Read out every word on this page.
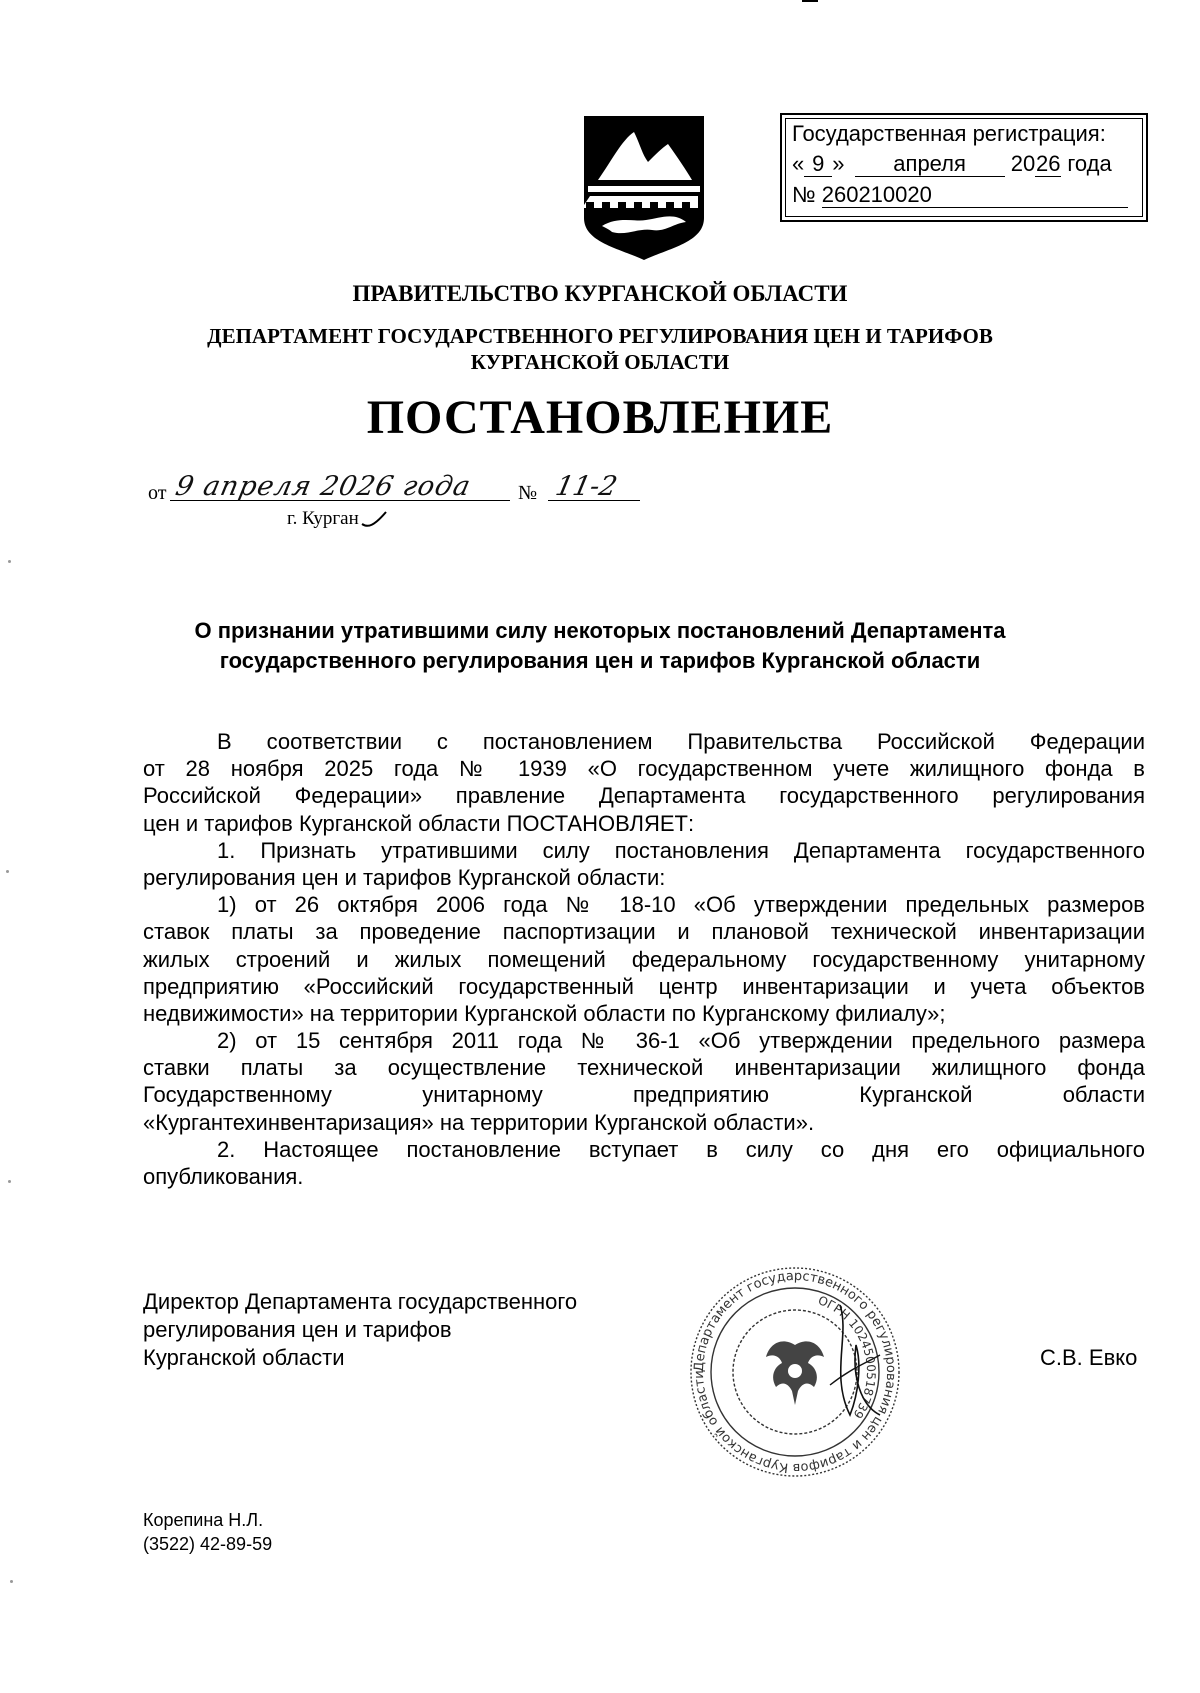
Государственная регистрация:
« 9 » апреля 2026 года
№ 260210020
ПРАВИТЕЛЬСТВО КУРГАНСКОЙ ОБЛАСТИ
ДЕПАРТАМЕНТ ГОСУДАРСТВЕННОГО РЕГУЛИРОВАНИЯ ЦЕН И ТАРИФОВ
КУРГАНСКОЙ ОБЛАСТИ
ПОСТАНОВЛЕНИЕ
от 9 апреля 2026 года № 11-2
г. Курган
О признании утратившими силу некоторых постановлений Департамента
государственного регулирования цен и тарифов Курганской области
В соответствии с постановлением Правительства Российской Федерации
от 28 ноября 2025 года № 1939 «О государственном учете жилищного фонда в
Российской Федерации» правление Департамента государственного регулирования
цен и тарифов Курганской области ПОСТАНОВЛЯЕТ:
1. Признать утратившими силу постановления Департамента государственного
регулирования цен и тарифов Курганской области:
1) от 26 октября 2006 года № 18-10 «Об утверждении предельных размеров
ставок платы за проведение паспортизации и плановой технической инвентаризации
жилых строений и жилых помещений федеральному государственному унитарному
предприятию «Российский государственный центр инвентаризации и учета объектов
недвижимости» на территории Курганской области по Курганскому филиалу»;
2) от 15 сентября 2011 года № 36-1 «Об утверждении предельного размера
ставки платы за осуществление технической инвентаризации жилищного фонда
Государственному унитарному предприятию Курганской области
«Кургантехинвентаризация» на территории Курганской области».
2. Настоящее постановление вступает в силу со дня его официального
опубликования.
Департамент государственного регулирования цен и тарифов Курганской области
ОГРН 1024500518739
Директор Департамента государственного
регулирования цен и тарифов
Курганской области	С.В. Евко
Корепина Н.Л.
(3522) 42-89-59
